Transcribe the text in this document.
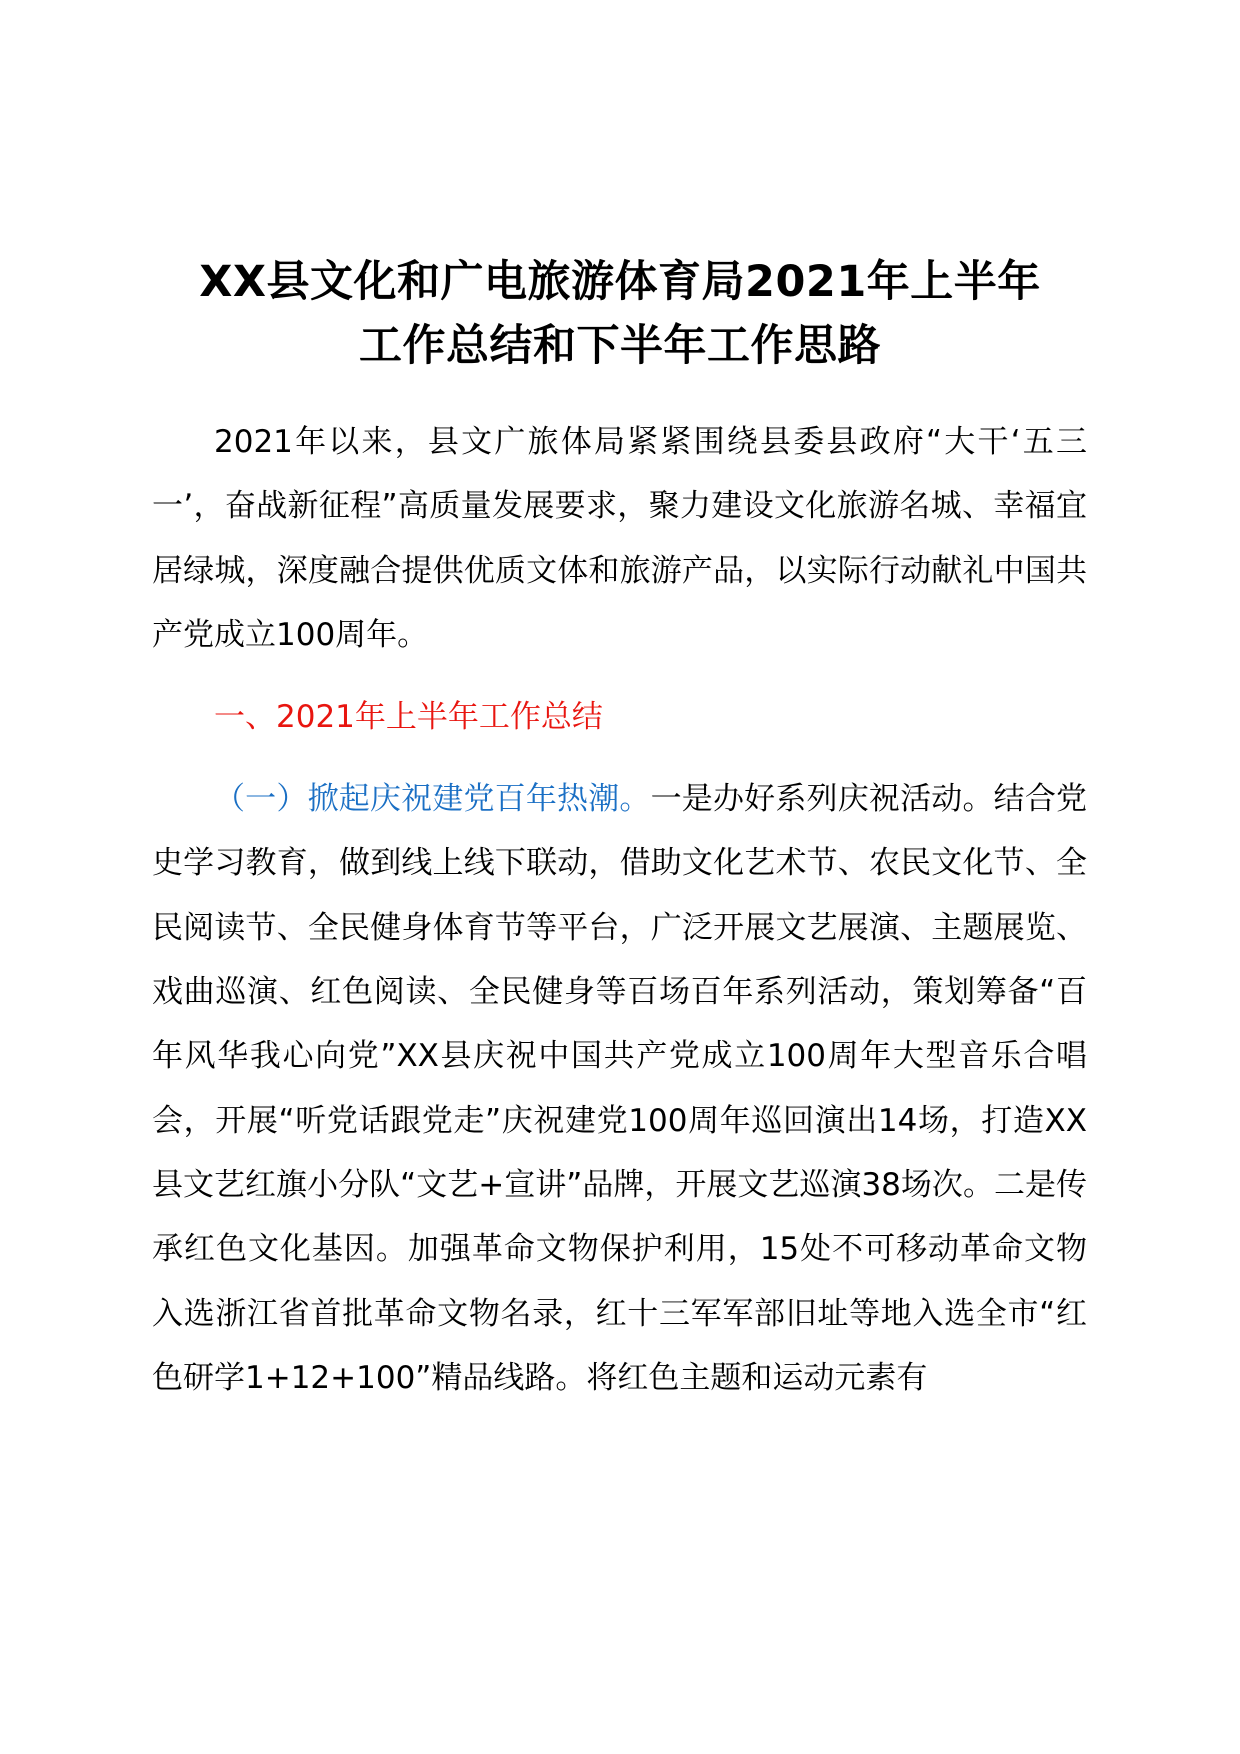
XX县文化和广电旅游体育局2021年上半年
工作总结和下半年工作思路

2021年以来，县文广旅体局紧紧围绕县委县政府“大干‘五三一’，奋战新征程”高质量发展要求，聚力建设文化旅游名城、幸福宜居绿城，深度融合提供优质文体和旅游产品，以实际行动献礼中国共产党成立100周年。

一、2021年上半年工作总结

（一）掀起庆祝建党百年热潮。一是办好系列庆祝活动。结合党史学习教育，做到线上线下联动，借助文化艺术节、农民文化节、全民阅读节、全民健身体育节等平台，广泛开展文艺展演、主题展览、戏曲巡演、红色阅读、全民健身等百场百年系列活动，策划筹备“百年风华我心向党”XX县庆祝中国共产党成立100周年大型音乐合唱会，开展“听党话跟党走”庆祝建党100周年巡回演出14场，打造XX县文艺红旗小分队“文艺+宣讲”品牌，开展文艺巡演38场次。二是传承红色文化基因。加强革命文物保护利用，15处不可移动革命文物入选浙江省首批革命文物名录，红十三军军部旧址等地入选全市“红色研学1+12+100”精品线路。将红色主题和运动元素有
